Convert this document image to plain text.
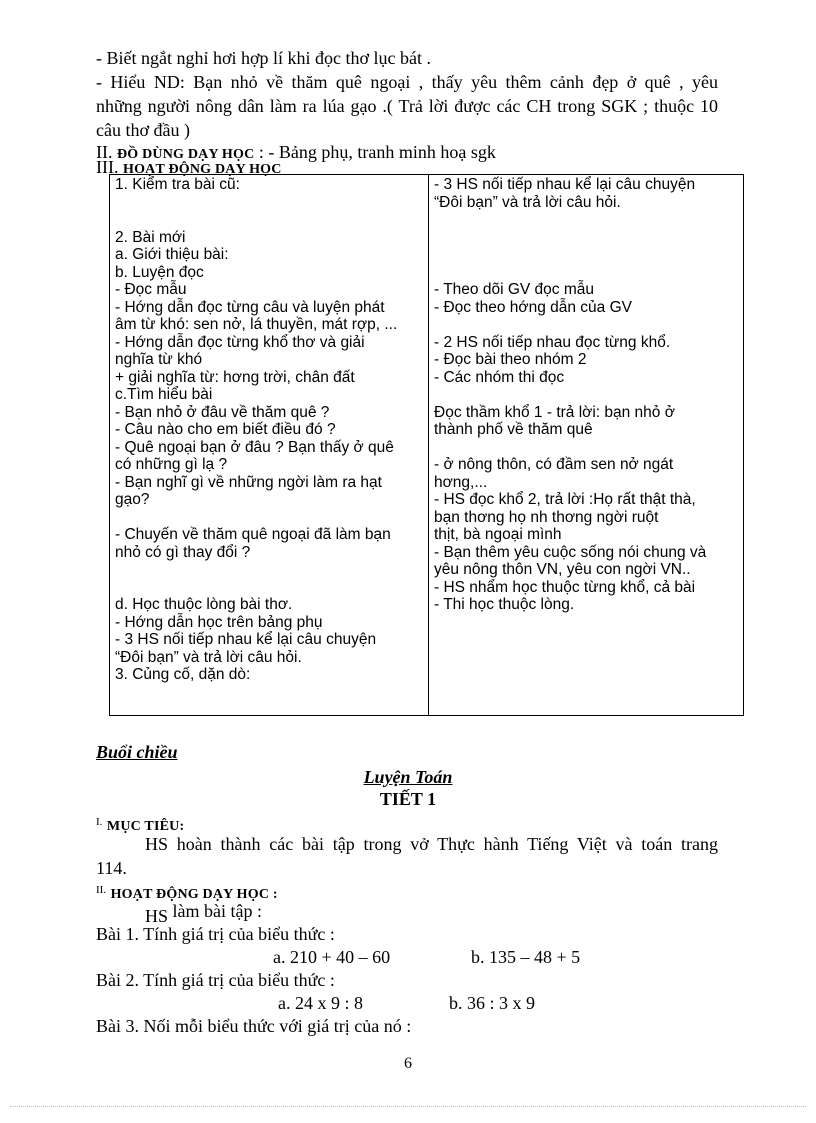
- Biết ngắt nghỉ hơi hợp lí khi đọc thơ lục bát .
- Hiểu ND: Bạn nhỏ về thăm quê ngoại , thấy yêu thêm cảnh đẹp ở quê , yêu
những người nông dân làm ra lúa gạo .( Trả lời được các CH trong SGK ; thuộc 10
câu thơ đầu )
II. ĐỒ DÙNG DẠY HỌC : - Bảng phụ, tranh minh hoạ sgk
III. HOẠT ĐỘNG DẠY HỌC
1. Kiểm tra bài cũ:
2. Bài mới
a. Giới thiệu bài:
b. Luyện đọc
- Đọc mẫu
- Hớng dẫn đọc từng câu và luyện phát
âm từ khó: sen nở, lá thuyền, mát rợp, ...
- Hớng dẫn đọc từng khổ thơ và giải
nghĩa từ khó
+ giải nghĩa từ: hơng trời, chân đất
c.Tìm hiểu bài
- Bạn nhỏ ở đâu về thăm quê ?
- Câu nào cho em biết điều đó ?
- Quê ngoại bạn ở đâu ? Bạn thấy ở quê
có những gì lạ ?
- Bạn nghĩ gì về những ngời làm ra hạt
gạo?
- Chuyến về thăm quê ngoại đã làm bạn
nhỏ có gì thay đổi ?
d. Học thuộc lòng bài thơ.
- Hớng dẫn học trên bảng phụ
- 3 HS nối tiếp nhau kể lại câu chuyện
“Đôi bạn” và trả lời câu hỏi.
3. Củng cố, dặn dò:
- 3 HS nối tiếp nhau kể lại câu chuyện
“Đôi bạn” và trả lời câu hỏi.
- Theo dõi GV đọc mẫu
- Đọc theo hớng dẫn của GV
- 2 HS nối tiếp nhau đọc từng khổ.
- Đọc bài theo nhóm 2
- Các nhóm thi đọc
Đọc thầm khổ 1 - trả lời: bạn nhỏ ở
thành phố về thăm quê
- ở nông thôn, có đầm sen nở ngát
hơng,...
- HS đọc khổ 2, trả lời :Họ rất thật thà,
bạn thơng họ nh thơng ngời ruột
thịt, bà ngoại mình
- Bạn thêm yêu cuộc sống nói chung và
yêu nông thôn VN, yêu con ngời VN..
- HS nhẩm học thuộc từng khổ, cả bài
- Thi học thuộc lòng.
Buổi chiều
Luyện Toán
TIẾT 1
$^{I.}$ MỤC TIÊU:
HS hoàn thành các bài tập trong vở Thực hành Tiếng Việt và toán trang
114.
$^{II.}$ HOẠT ĐỘNG DẠY HỌC :
HS làm bài tập :
Bài 1. Tính giá trị của biểu thức :
a. 210 + 40 – 60	b. 135 – 48 + 5
Bài 2. Tính giá trị của biểu thức :
a. 24 x 9 : 8	b. 36 : 3 x 9
Bài 3. Nối mỗi biểu thức với giá trị của nó :
6
